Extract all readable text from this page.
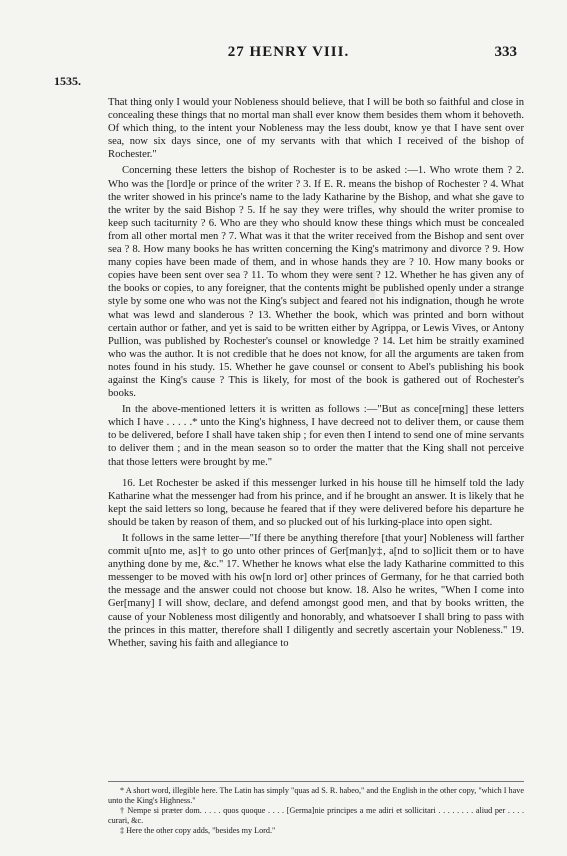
◆
27 HENRY VIII.	333
1535.

That thing only I would your Nobleness should believe, that I will be both so faithful and close in concealing these things that no mortal man shall ever know them besides them whom it behoveth. Of which thing, to the intent your Nobleness may the less doubt, know ye that I have sent over sea, now six days since, one of my servants with that which I received of the bishop of Rochester."

Concerning these letters the bishop of Rochester is to be asked :—1. Who wrote them ? 2. Who was the [lord]e or prince of the writer ? 3. If E. R. means the bishop of Rochester ? 4. What the writer showed in his prince's name to the lady Katharine by the Bishop, and what she gave to the writer by the said Bishop ? 5. If he say they were trifles, why should the writer promise to keep such taciturnity ? 6. Who are they who should know these things which must be concealed from all other mortal men ? 7. What was it that the writer received from the Bishop and sent over sea ? 8. How many books he has written concerning the King's matrimony and divorce ? 9. How many copies have been made of them, and in whose hands they are ? 10. How many books or copies have been sent over sea ? 11. To whom they were sent ? 12. Whether he has given any of the books or copies, to any foreigner, that the contents might be published openly under a strange style by some one who was not the King's subject and feared not his indignation, though he wrote what was lewd and slanderous ? 13. Whether the book, which was printed and born without certain author or father, and yet is said to be written either by Agrippa, or Lewis Vives, or Antony Pullion, was published by Rochester's counsel or knowledge ? 14. Let him be straitly examined who was the author. It is not credible that he does not know, for all the arguments are taken from notes found in his study. 15. Whether he gave counsel or consent to Abel's publishing his book against the King's cause ? This is likely, for most of the book is gathered out of Rochester's books.

In the above-mentioned letters it is written as follows :—"But as conce[rning] these letters which I have . . . . .* unto the King's highness, I have decreed not to deliver them, or cause them to be delivered, before I shall have taken ship ; for even then I intend to send one of mine servants to deliver them ; and in the mean season so to order the matter that the King shall not perceive that those letters were brought by me."

16. Let Rochester be asked if this messenger lurked in his house till he himself told the lady Katharine what the messenger had from his prince, and if he brought an answer. It is likely that he kept the said letters so long, because he feared that if they were delivered before his departure he should be taken by reason of them, and so plucked out of his lurking-place into open sight.

It follows in the same letter—"If there be anything therefore [that your] Nobleness will farther commit u[nto me, as]† to go unto other princes of Ger[man]y‡, a[nd to so]licit them or to have anything done by me, &c." 17. Whether he knows what else the lady Katharine committed to this messenger to be moved with his ow[n lord or] other princes of Germany, for he that carried both the message and the answer could not choose but know. 18. Also he writes, "When I come into Ger[many] I will show, declare, and defend amongst good men, and that by books written, the cause of your Nobleness most diligently and honorably, and whatsoever I shall bring to pass with the princes in this matter, therefore shall I diligently and secretly ascertain your Nobleness." 19. Whether, saving his faith and allegiance to

* A short word, illegible here. The Latin has simply "quas ad S. R. habeo," and the English in the other copy, "which I have unto the King's Highness."

† Nempe si præter dom. . . . . quos quoque . . . . [Germa]nie principes a me adiri et sollicitari . . . . . . . . aliud per . . . . curari, &c.

‡ Here the other copy adds, "besides my Lord."
